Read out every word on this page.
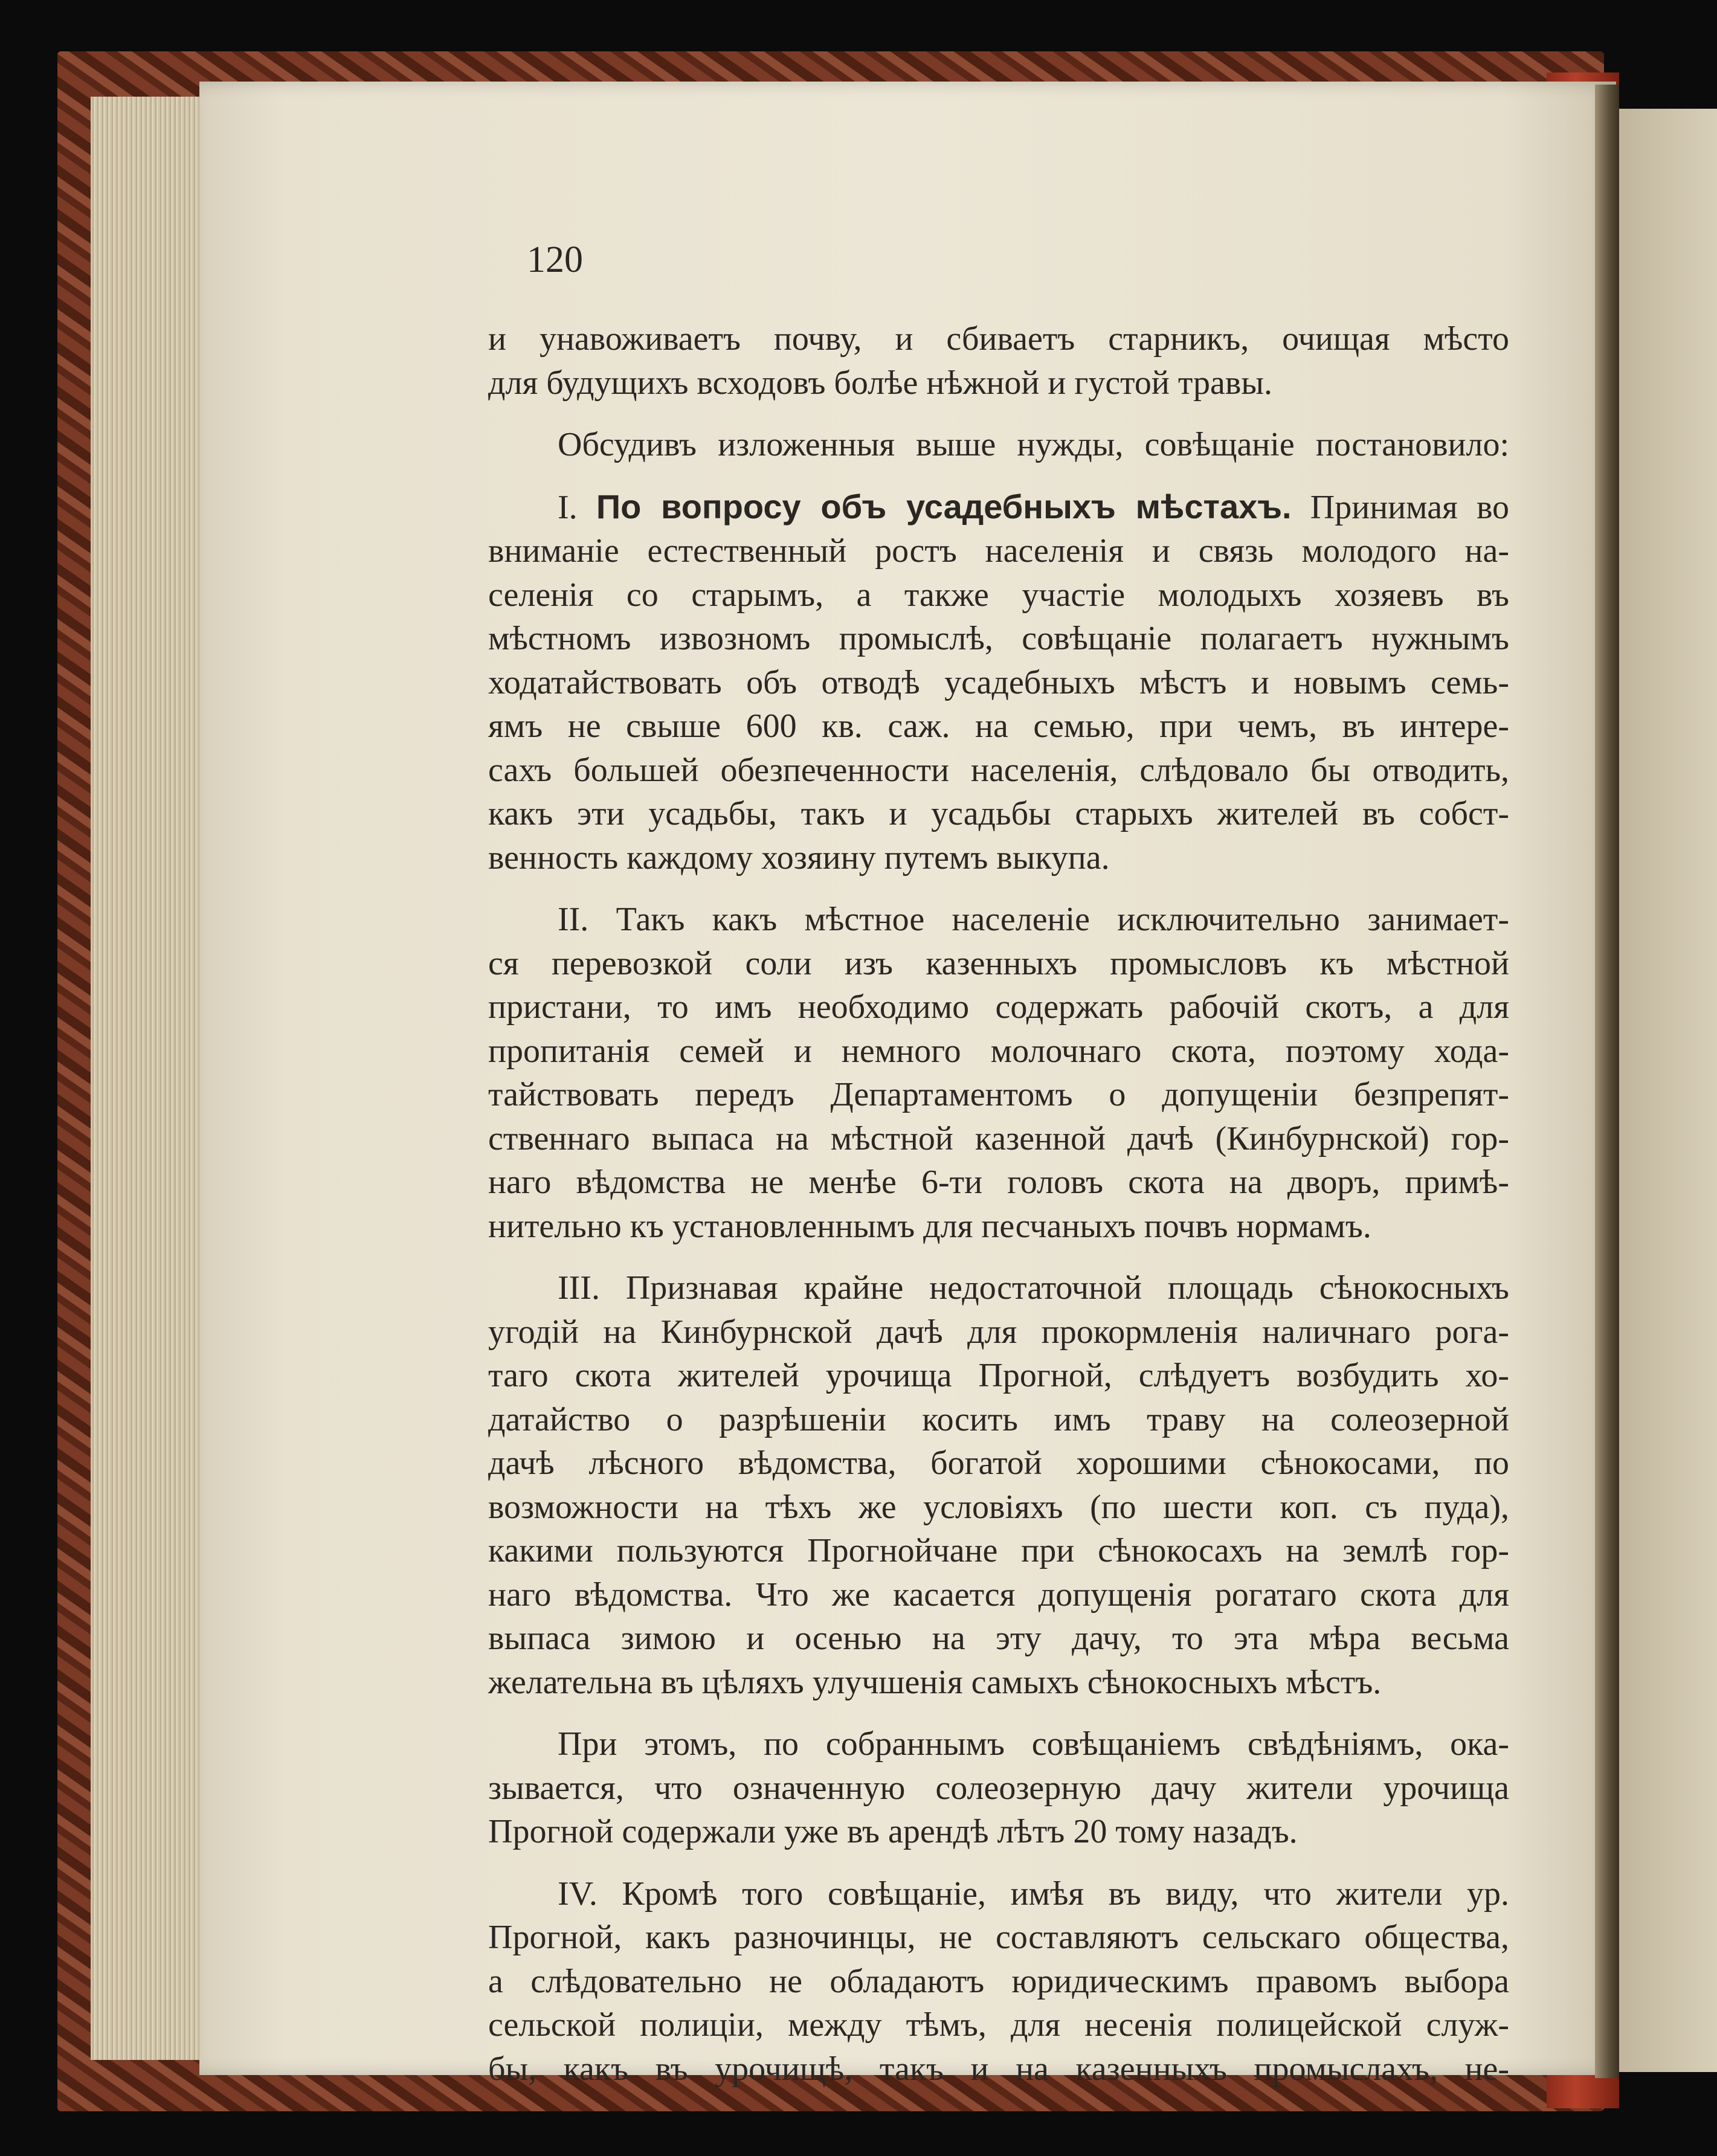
120
и унавоживаетъ почву, и сбиваетъ старникъ, очищая мѣсто
для будущихъ всходовъ болѣе нѣжной и густой травы.
Обсудивъ изложенныя выше нужды, совѣщаніе постановило:
I. По вопросу объ усадебныхъ мѣстахъ. Принимая во
вниманіе естественный ростъ населенія и связь молодого на-
селенія со старымъ, а также участіе молодыхъ хозяевъ въ
мѣстномъ извозномъ промыслѣ, совѣщаніе полагаетъ нужнымъ
ходатайствовать объ отводѣ усадебныхъ мѣстъ и новымъ семь-
ямъ не свыше 600 кв. саж. на семью, при чемъ, въ интере-
сахъ большей обезпеченности населенія, слѣдовало бы отводить,
какъ эти усадьбы, такъ и усадьбы старыхъ жителей въ собст-
венность каждому хозяину путемъ выкупа.
II. Такъ какъ мѣстное населеніе исключительно занимает-
ся перевозкой соли изъ казенныхъ промысловъ къ мѣстной
пристани, то имъ необходимо содержать рабочій скотъ, а для
пропитанія семей и немного молочнаго скота, поэтому хода-
тайствовать передъ Департаментомъ о допущеніи безпрепят-
ственнаго выпаса на мѣстной казенной дачѣ (Кинбурнской) гор-
наго вѣдомства не менѣе 6-ти головъ скота на дворъ, примѣ-
нительно къ установленнымъ для песчаныхъ почвъ нормамъ.
III. Признавая крайне недостаточной площадь сѣнокосныхъ
угодій на Кинбурнской дачѣ для прокормленія наличнаго рога-
таго скота жителей урочища Прогной, слѣдуетъ возбудить хо-
датайство о разрѣшеніи косить имъ траву на солеозерной
дачѣ лѣсного вѣдомства, богатой хорошими сѣнокосами, по
возможности на тѣхъ же условіяхъ (по шести коп. съ пуда),
какими пользуются Прогнойчане при сѣнокосахъ на землѣ гор-
наго вѣдомства. Что же касается допущенія рогатаго скота для
выпаса зимою и осенью на эту дачу, то эта мѣра весьма
желательна въ цѣляхъ улучшенія самыхъ сѣнокосныхъ мѣстъ.
При этомъ, по собраннымъ совѣщаніемъ свѣдѣніямъ, ока-
зывается, что означенную солеозерную дачу жители урочища
Прогной содержали уже въ арендѣ лѣтъ 20 тому назадъ.
IV. Кромѣ того совѣщаніе, имѣя въ виду, что жители ур.
Прогной, какъ разночинцы, не составляютъ сельскаго общества,
а слѣдовательно не обладаютъ юридическимъ правомъ выбора
сельской полиціи, между тѣмъ, для несенія полицейской служ-
бы, какъ въ урочищѣ, такъ и на казенныхъ промыслахъ, не-
